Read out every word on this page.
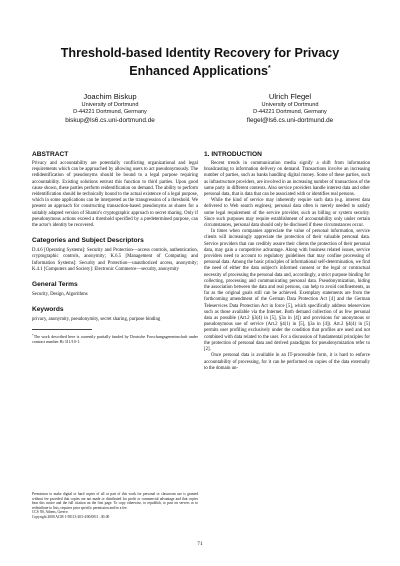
Threshold-based Identity Recovery for Privacy Enhanced Applications*
Joachim Biskup
University of Dortmund
D-44221 Dortmund, Germany
biskup@ls6.cs.uni-dortmund.de
Ulrich Flegel
University of Dortmund
D-44221 Dortmund, Germany
flegel@ls6.cs.uni-dortmund.de
ABSTRACT

Privacy and accountability are potentially conflicting organizational and legal requirements which can be approached by allowing users to act pseudonymously. The redidentification of pseudonyms should be bound to a legal purpose requiring accountability. Existing solutions entrust this function to third parties. Upon good cause shown, these parties perform reidentification on demand. The ability to perform reidentification should be technically bound to the actual existence of a legal purpose, which in some applications can be interpreted as the transgression of a threshold. We present an approach for constructing transaction-based pseudonyms as shares for a suitably adapted version of Shamir's cryptographic approach to secret sharing. Only if pseudonymous actions exceed a threshold specified by a predetermined purpose, can the actor's identity be recovered.

Categories and Subject Descriptors

D.4.6 [Operating Systems]: Security and Protection—access controls, authentication, cryptographic controls, anonymity; K.6.5 [Management of Computing and Information Systems]: Security and Protection—unauthorized access, anonymity; K.4.1 [Computers and Society]: Electronic Commerce—security, anonymity

General Terms

Security, Design, Algorithms

Keywords

privacy, anonymity, pseudonymity, secret sharing, purpose binding

*The work described here is currently partially funded by Deutsche Forschungsgemeinschaft under contract number Bi 311/10-1.

Permission to make digital or hard copies of all or part of this work for personal or classroom use is granted without fee provided that copies are not made or distributed for profit or commercial advantage and that copies bear this notice and the full citation on the first page. To copy otherwise, to republish, to post on servers or to redistribute to lists, requires prior specific permission and/or a fee.
CCS '00, Athens, Greece.
Copyright 2000 ACM 1-58113-203-4/00/0011 ..$5.00
1. INTRODUCTION

Recent trends in communication media signify a shift from information broadcasting to information delivery on demand. Transactions involve an increasing number of parties, such as banks handling digital money. Some of these parties, such as infrastructure providers, are involved in an increasing number of transactions of the same party in different contexts. Also service providers handle interest data and other personal data, that is data that can be associated with or identifies real persons.

While the kind of service may inherently require such data (e.g. interest data delivered to Web search engines), personal data often is merely needed to satisfy some legal requirement of the service provider, such as billing or system security. Since such purposes may require establishment of accountability only under certain circumstances, personal data should only be disclosed if these circumstances occur.

In times when companies appreciate the value of personal information, service clients will increasingly appreciate the protection of their valuable personal data. Service providers that can credibly assure their clients the protection of their personal data, may gain a competitive advantage. Along with business related issues, service providers need to account to regulatory guidelines that may confine processing of personal data. Among the basic principles of informational self-determination, we find the need of either the data subject's informed consent or the legal or contractual necessity of processing the personal data and, accordingly, a strict purpose binding for collecting, processing and communicating personal data. Pseudonymization, hiding the association between the data and real persons, can help to avoid confinements, as far as the original goals still can be achieved. Exemplary statements are from the forthcoming amendment of the German Data Protection Act [4] and the German Teleservices Data Protection Act in force [5], which specifically address teleservices such as those available via the Internet. Both demand collection of as few personal data as possible (Art.2 §3(4) in [5], §3a in [4]) and provisions for anonymous or pseudonymous use of service (Art.2 §4(1) in [5], §3a in [4]). Art.2 §4(4) in [5] permits user profiling exclusively under the condition that profiles are used and not combined with data related to the user. For a discussion of fundamental principles for the protection of personal data and derived paradigms for pseudonymization refer to [2].

Once personal data is available in an IT-processible form, it is hard to enforce accountability of processing, for it can be performed on copies of the data externally to the domain un-

71
